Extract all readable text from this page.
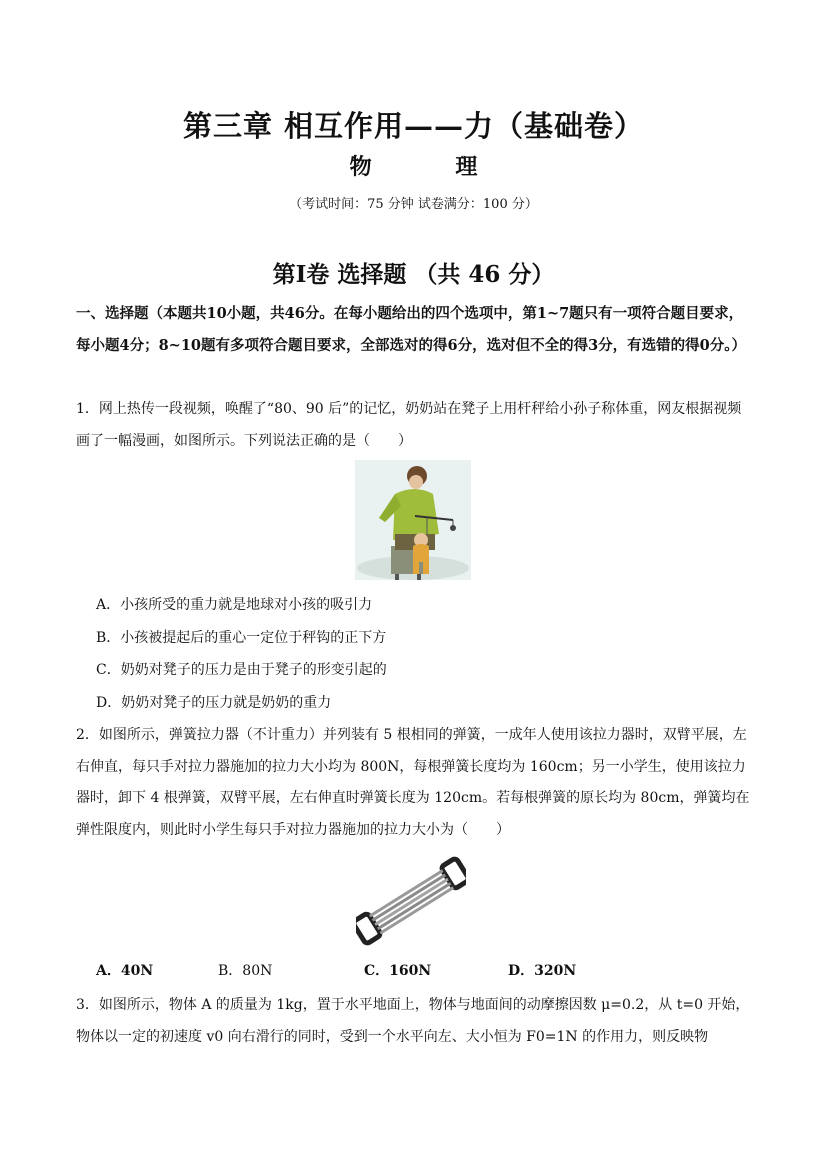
第三章 相互作用——力（基础卷）
物 理
（考试时间：75 分钟 试卷满分：100 分）
第Ⅰ卷 选择题 （共 46 分）
一、选择题（本题共10小题，共46分。在每小题给出的四个选项中，第1~7题只有一项符合题目要求，每小题4分；8~10题有多项符合题目要求，全部选对的得6分，选对但不全的得3分，有选错的得0分。）
1．网上热传一段视频，唤醒了“80、90 后”的记忆，奶奶站在凳子上用杆秤给小孙子称体重，网友根据视频画了一幅漫画，如图所示。下列说法正确的是（　　）
A．小孩所受的重力就是地球对小孩的吸引力
B．小孩被提起后的重心一定位于秤钩的正下方
C．奶奶对凳子的压力是由于凳子的形变引起的
D．奶奶对凳子的压力就是奶奶的重力
2．如图所示，弹簧拉力器（不计重力）并列装有 5 根相同的弹簧，一成年人使用该拉力器时，双臂平展，左右伸直，每只手对拉力器施加的拉力大小均为 800N，每根弹簧长度均为 160cm；另一小学生，使用该拉力器时，卸下 4 根弹簧，双臂平展，左右伸直时弹簧长度为 120cm。若每根弹簧的原长均为 80cm，弹簧均在弹性限度内，则此时小学生每只手对拉力器施加的拉力大小为（　　）
A．40N	B．80N	C．160N	D．320N
3．如图所示，物体 A 的质量为 1kg，置于水平地面上，物体与地面间的动摩擦因数 μ=0.2，从 t=0 开始，物体以一定的初速度 v0 向右滑行的同时，受到一个水平向左、大小恒为 F0=1N 的作用力，则反映物
